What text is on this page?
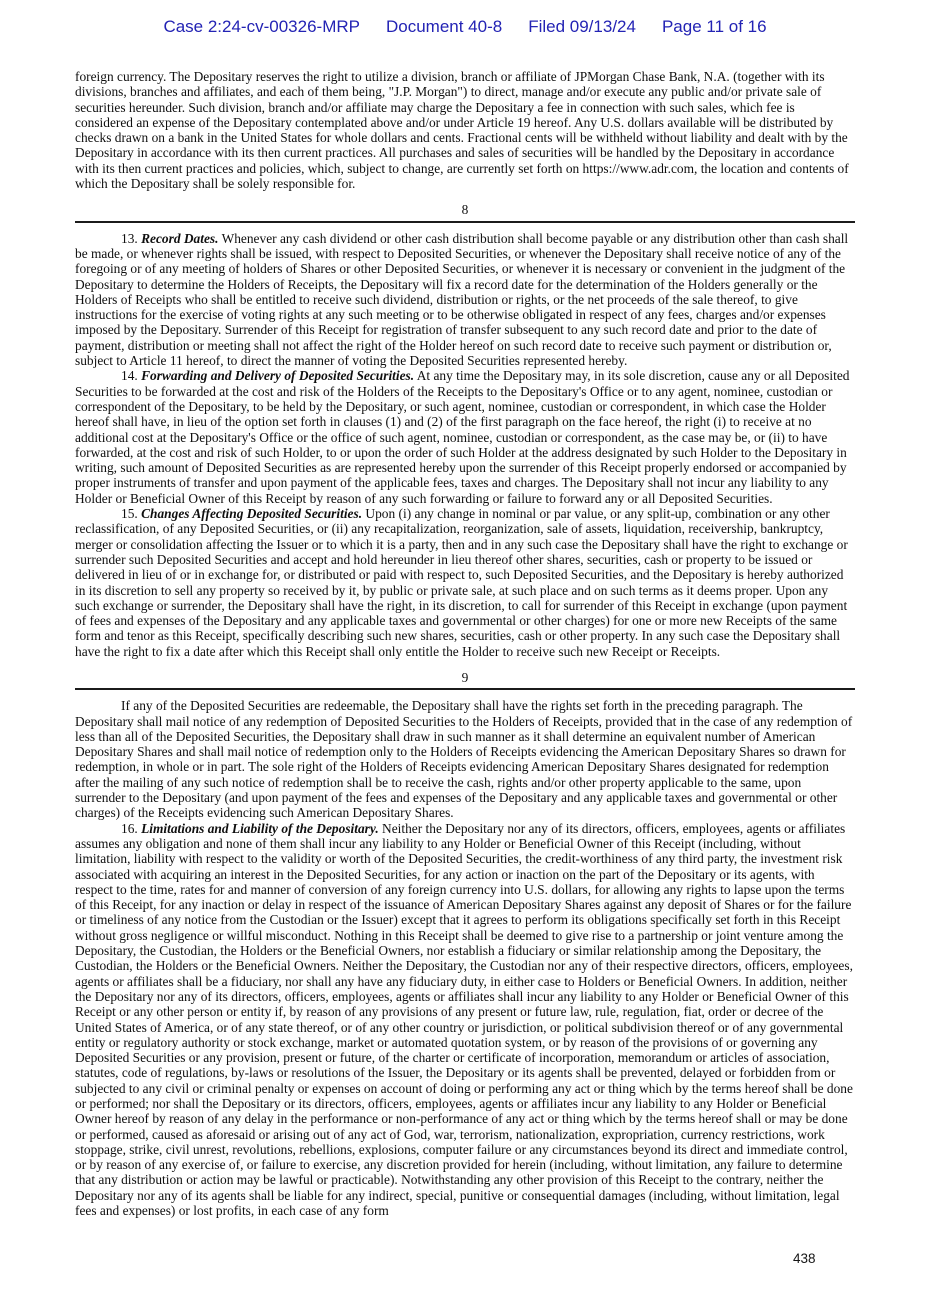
Case 2:24-cv-00326-MRP Document 40-8 Filed 09/13/24 Page 11 of 16

foreign currency. The Depositary reserves the right to utilize a division, branch or affiliate of JPMorgan Chase Bank, N.A. (together with its divisions, branches and affiliates, and each of them being, "J.P. Morgan") to direct, manage and/or execute any public and/or private sale of securities hereunder. Such division, branch and/or affiliate may charge the Depositary a fee in connection with such sales, which fee is considered an expense of the Depositary contemplated above and/or under Article 19 hereof. Any U.S. dollars available will be distributed by checks drawn on a bank in the United States for whole dollars and cents. Fractional cents will be withheld without liability and dealt with by the Depositary in accordance with its then current practices. All purchases and sales of securities will be handled by the Depositary in accordance with its then current practices and policies, which, subject to change, are currently set forth on https://www.adr.com, the location and contents of which the Depositary shall be solely responsible for.

8

13. Record Dates. Whenever any cash dividend or other cash distribution shall become payable or any distribution other than cash shall be made, or whenever rights shall be issued, with respect to Deposited Securities, or whenever the Depositary shall receive notice of any of the foregoing or of any meeting of holders of Shares or other Deposited Securities, or whenever it is necessary or convenient in the judgment of the Depositary to determine the Holders of Receipts, the Depositary will fix a record date for the determination of the Holders generally or the Holders of Receipts who shall be entitled to receive such dividend, distribution or rights, or the net proceeds of the sale thereof, to give instructions for the exercise of voting rights at any such meeting or to be otherwise obligated in respect of any fees, charges and/or expenses imposed by the Depositary. Surrender of this Receipt for registration of transfer subsequent to any such record date and prior to the date of payment, distribution or meeting shall not affect the right of the Holder hereof on such record date to receive such payment or distribution or, subject to Article 11 hereof, to direct the manner of voting the Deposited Securities represented hereby.

14. Forwarding and Delivery of Deposited Securities. At any time the Depositary may, in its sole discretion, cause any or all Deposited Securities to be forwarded at the cost and risk of the Holders of the Receipts to the Depositary's Office or to any agent, nominee, custodian or correspondent of the Depositary, to be held by the Depositary, or such agent, nominee, custodian or correspondent, in which case the Holder hereof shall have, in lieu of the option set forth in clauses (1) and (2) of the first paragraph on the face hereof, the right (i) to receive at no additional cost at the Depositary's Office or the office of such agent, nominee, custodian or correspondent, as the case may be, or (ii) to have forwarded, at the cost and risk of such Holder, to or upon the order of such Holder at the address designated by such Holder to the Depositary in writing, such amount of Deposited Securities as are represented hereby upon the surrender of this Receipt properly endorsed or accompanied by proper instruments of transfer and upon payment of the applicable fees, taxes and charges. The Depositary shall not incur any liability to any Holder or Beneficial Owner of this Receipt by reason of any such forwarding or failure to forward any or all Deposited Securities.

15. Changes Affecting Deposited Securities. Upon (i) any change in nominal or par value, or any split-up, combination or any other reclassification, of any Deposited Securities, or (ii) any recapitalization, reorganization, sale of assets, liquidation, receivership, bankruptcy, merger or consolidation affecting the Issuer or to which it is a party, then and in any such case the Depositary shall have the right to exchange or surrender such Deposited Securities and accept and hold hereunder in lieu thereof other shares, securities, cash or property to be issued or delivered in lieu of or in exchange for, or distributed or paid with respect to, such Deposited Securities, and the Depositary is hereby authorized in its discretion to sell any property so received by it, by public or private sale, at such place and on such terms as it deems proper. Upon any such exchange or surrender, the Depositary shall have the right, in its discretion, to call for surrender of this Receipt in exchange (upon payment of fees and expenses of the Depositary and any applicable taxes and governmental or other charges) for one or more new Receipts of the same form and tenor as this Receipt, specifically describing such new shares, securities, cash or other property. In any such case the Depositary shall have the right to fix a date after which this Receipt shall only entitle the Holder to receive such new Receipt or Receipts.

9

If any of the Deposited Securities are redeemable, the Depositary shall have the rights set forth in the preceding paragraph. The Depositary shall mail notice of any redemption of Deposited Securities to the Holders of Receipts, provided that in the case of any redemption of less than all of the Deposited Securities, the Depositary shall draw in such manner as it shall determine an equivalent number of American Depositary Shares and shall mail notice of redemption only to the Holders of Receipts evidencing the American Depositary Shares so drawn for redemption, in whole or in part. The sole right of the Holders of Receipts evidencing American Depositary Shares designated for redemption after the mailing of any such notice of redemption shall be to receive the cash, rights and/or other property applicable to the same, upon surrender to the Depositary (and upon payment of the fees and expenses of the Depositary and any applicable taxes and governmental or other charges) of the Receipts evidencing such American Depositary Shares.

16. Limitations and Liability of the Depositary. Neither the Depositary nor any of its directors, officers, employees, agents or affiliates assumes any obligation and none of them shall incur any liability to any Holder or Beneficial Owner of this Receipt (including, without limitation, liability with respect to the validity or worth of the Deposited Securities, the credit-worthiness of any third party, the investment risk associated with acquiring an interest in the Deposited Securities, for any action or inaction on the part of the Depositary or its agents, with respect to the time, rates for and manner of conversion of any foreign currency into U.S. dollars, for allowing any rights to lapse upon the terms of this Receipt, for any inaction or delay in respect of the issuance of American Depositary Shares against any deposit of Shares or for the failure or timeliness of any notice from the Custodian or the Issuer) except that it agrees to perform its obligations specifically set forth in this Receipt without gross negligence or willful misconduct. Nothing in this Receipt shall be deemed to give rise to a partnership or joint venture among the Depositary, the Custodian, the Holders or the Beneficial Owners, nor establish a fiduciary or similar relationship among the Depositary, the Custodian, the Holders or the Beneficial Owners. Neither the Depositary, the Custodian nor any of their respective directors, officers, employees, agents or affiliates shall be a fiduciary, nor shall any have any fiduciary duty, in either case to Holders or Beneficial Owners. In addition, neither the Depositary nor any of its directors, officers, employees, agents or affiliates shall incur any liability to any Holder or Beneficial Owner of this Receipt or any other person or entity if, by reason of any provisions of any present or future law, rule, regulation, fiat, order or decree of the United States of America, or of any state thereof, or of any other country or jurisdiction, or political subdivision thereof or of any governmental entity or regulatory authority or stock exchange, market or automated quotation system, or by reason of the provisions of or governing any Deposited Securities or any provision, present or future, of the charter or certificate of incorporation, memorandum or articles of association, statutes, code of regulations, by-laws or resolutions of the Issuer, the Depositary or its agents shall be prevented, delayed or forbidden from or subjected to any civil or criminal penalty or expenses on account of doing or performing any act or thing which by the terms hereof shall be done or performed; nor shall the Depositary or its directors, officers, employees, agents or affiliates incur any liability to any Holder or Beneficial Owner hereof by reason of any delay in the performance or non-performance of any act or thing which by the terms hereof shall or may be done or performed, caused as aforesaid or arising out of any act of God, war, terrorism, nationalization, expropriation, currency restrictions, work stoppage, strike, civil unrest, revolutions, rebellions, explosions, computer failure or any circumstances beyond its direct and immediate control, or by reason of any exercise of, or failure to exercise, any discretion provided for herein (including, without limitation, any failure to determine that any distribution or action may be lawful or practicable). Notwithstanding any other provision of this Receipt to the contrary, neither the Depositary nor any of its agents shall be liable for any indirect, special, punitive or consequential damages (including, without limitation, legal fees and expenses) or lost profits, in each case of any form

438
